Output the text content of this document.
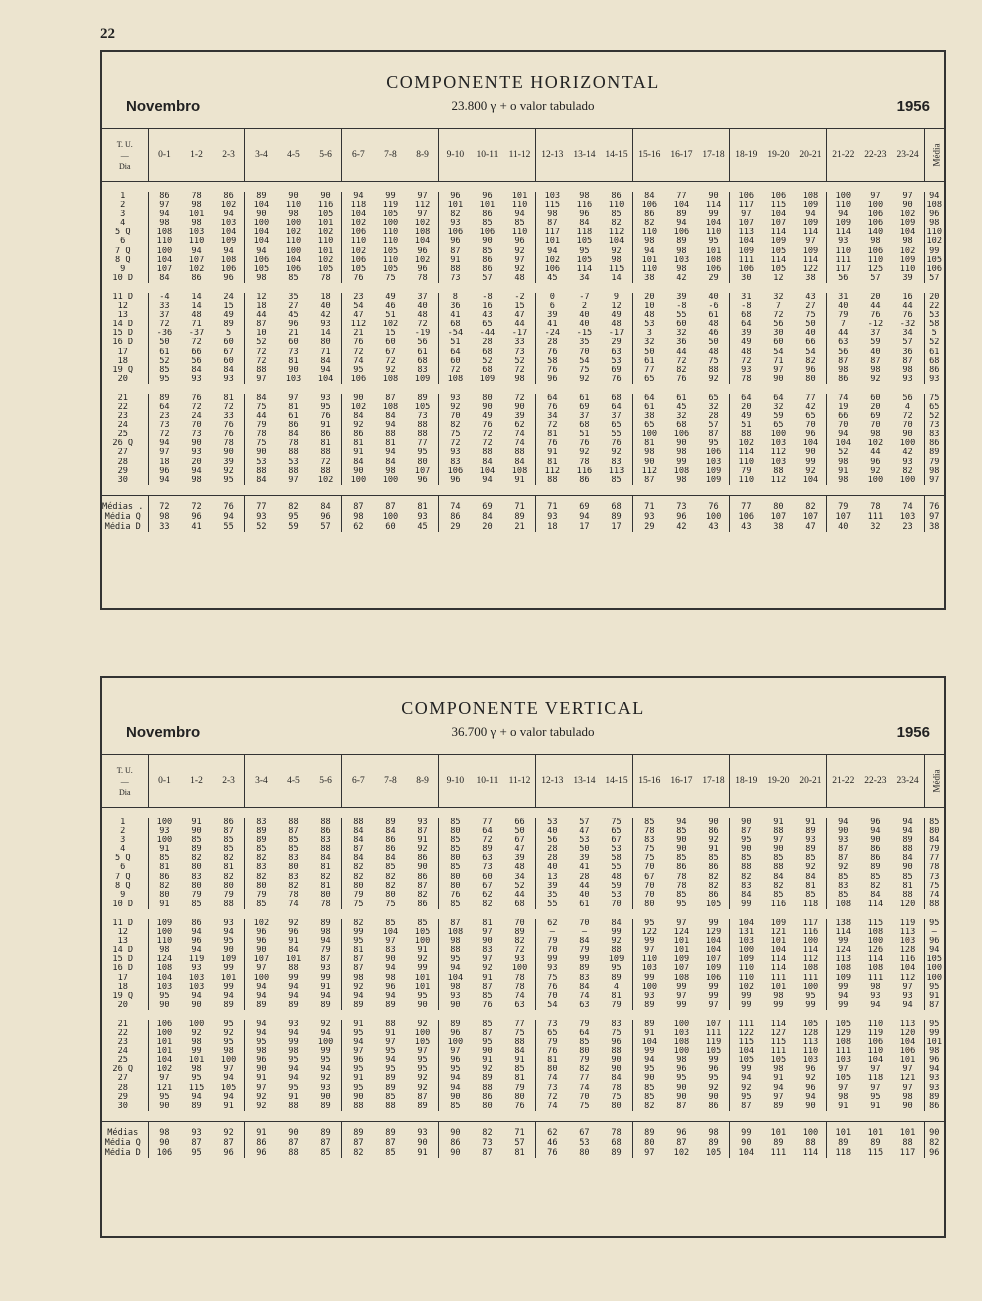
22
COMPONENTE HORIZONTAL
Novembro	23.800 γ + o valor tabulado	1956
T. U.
—
Dia	0-1	1-2	2-3	3-4	4-5	5-6	6-7	7-8	8-9	9-10	10-11	11-12	12-13	13-14	14-15	15-16	16-17	17-18	18-19	19-20	20-21	21-22	22-23	23-24	Média

1	86	78	86	89	90	90	94	99	97	96	96	101	103	98	86	84	77	90	106	106	108	100	97	97	94
2	97	98	102	104	110	116	118	119	112	101	101	110	115	116	110	106	104	114	117	115	109	110	100	90	108
3	94	101	94	90	98	105	104	105	97	82	86	94	98	96	85	86	89	99	97	104	94	94	106	102	96
4	98	98	103	100	100	101	102	100	102	93	85	85	87	84	82	82	94	104	107	107	109	109	106	109	98
5 Q	108	103	104	104	102	102	106	110	108	106	106	110	117	118	112	110	106	110	113	114	114	114	140	104	110
6	110	110	109	104	110	110	110	110	104	96	90	96	101	105	104	98	89	95	104	109	97	93	98	98	102
7 Q	100	94	94	94	100	101	102	105	96	87	85	92	94	95	92	94	98	101	109	105	109	110	106	102	99
8 Q	104	107	108	106	104	102	106	110	102	91	86	97	102	105	98	101	103	108	111	114	114	111	110	109	105
9	107	102	106	105	106	105	105	105	96	88	86	92	106	114	115	110	98	106	106	105	122	117	125	110	106
10 D	84	86	96	98	85	78	76	75	78	73	57	48	45	34	14	38	42	29	30	12	38	56	57	39	57

11 D	-4	14	24	12	35	18	23	49	37	8	-8	-2	0	-7	9	20	39	40	31	32	43	31	20	16	20
12	33	14	15	18	27	40	54	46	40	36	16	15	6	2	12	10	-8	-6	-8	7	27	40	44	44	22
13	37	48	49	44	45	42	47	51	48	41	43	47	39	40	49	48	55	61	68	72	75	79	76	76	53
14 D	72	71	89	87	96	93	112	102	72	68	65	44	41	40	48	53	60	48	64	56	50	7	-12	-32	58
15 D	-36	-37	5	10	21	14	21	15	-19	-54	-44	-17	-24	-15	-17	3	32	46	39	30	40	44	37	34	5
16 D	50	72	60	52	60	80	76	60	56	51	28	33	28	35	29	32	36	50	49	60	66	63	59	57	52
17	61	66	67	72	73	71	72	67	61	64	68	73	76	70	63	50	44	48	48	54	54	56	40	36	61
18	52	56	60	72	81	84	74	72	68	60	52	52	58	54	53	61	72	75	72	71	82	87	87	87	68
19 Q	85	84	84	88	90	94	95	92	83	72	68	72	76	75	69	77	82	88	93	97	96	98	98	98	86
20	95	93	93	97	103	104	106	108	109	108	109	98	96	92	76	65	76	92	78	90	80	86	92	93	93

21	89	76	81	84	97	93	90	87	89	93	80	72	64	61	68	64	61	65	64	64	77	74	60	56	75
22	64	72	72	75	81	95	102	108	105	92	90	90	76	69	64	61	45	32	20	32	42	19	20	4	65
23	23	24	33	44	61	76	84	84	73	70	49	39	34	37	37	38	32	28	49	59	65	66	69	72	52
24	73	70	76	79	86	91	92	94	88	82	76	62	72	68	65	65	68	57	51	65	70	70	70	70	73
25	72	73	76	78	84	86	86	88	88	75	72	74	81	51	55	100	106	87	88	100	96	94	98	90	83
26 Q	94	90	78	75	78	81	81	81	77	72	72	74	76	76	76	81	90	95	102	103	104	104	102	100	86
27	97	93	90	90	88	88	91	94	95	93	88	88	91	92	92	98	98	106	114	112	90	52	44	42	89
28	18	20	39	53	53	72	84	84	80	83	84	84	81	78	83	90	99	103	110	103	99	98	96	93	79
29	96	94	92	88	88	88	90	98	107	106	104	108	112	116	113	112	108	109	79	88	92	91	92	82	98
30	94	98	95	84	97	102	100	100	96	96	94	91	88	86	85	87	98	109	110	112	104	98	100	100	97

Médias .	72	72	76	77	82	84	87	87	81	74	69	71	71	69	68	71	73	76	77	80	82	79	78	74	76
Média Q	98	96	94	93	95	96	98	100	93	86	84	89	93	94	89	93	96	100	106	107	107	107	111	103	97
Média D	33	41	55	52	59	57	62	60	45	29	20	21	18	17	17	29	42	43	43	38	47	40	32	23	38
COMPONENTE VERTICAL
Novembro	36.700 γ + o valor tabulado	1956
T. U.
—
Dia	0-1	1-2	2-3	3-4	4-5	5-6	6-7	7-8	8-9	9-10	10-11	11-12	12-13	13-14	14-15	15-16	16-17	17-18	18-19	19-20	20-21	21-22	22-23	23-24	Média

1	100	91	86	83	88	88	88	89	93	85	77	66	53	57	75	85	94	90	90	91	91	94	96	94	85
2	93	90	87	89	87	86	84	84	87	80	64	50	40	47	65	78	85	86	87	88	89	90	94	94	80
3	100	85	85	89	85	83	84	86	91	85	72	67	56	53	67	83	90	92	95	97	93	93	90	89	84
4	91	89	85	85	85	88	87	86	92	85	89	47	28	50	53	75	90	91	90	90	89	87	86	88	79
5 Q	85	82	82	82	83	84	84	84	86	80	63	39	28	39	58	75	85	85	85	85	85	87	86	84	77
6	81	80	81	83	80	81	82	85	90	85	73	48	40	41	55	70	86	86	88	88	92	92	89	90	78
7 Q	86	83	82	82	83	82	82	82	86	80	60	34	13	28	48	67	78	82	82	84	84	85	85	85	73
8 Q	82	80	80	80	82	81	80	82	87	80	67	52	39	44	59	70	78	82	83	82	81	83	82	81	75
9	80	79	79	79	78	80	79	80	82	76	62	44	35	40	53	70	85	86	84	85	85	85	84	88	74
10 D	91	85	88	85	74	78	75	75	86	85	82	68	55	61	70	80	95	105	99	116	118	108	114	120	88

11 D	109	86	93	102	92	89	82	85	85	87	81	70	62	70	84	95	97	99	104	109	117	138	115	119	95
12	100	94	94	96	96	98	99	104	105	108	97	89	—	—	99	122	124	129	131	121	116	114	108	113	—
13	110	96	95	96	91	94	95	97	100	98	90	82	79	84	92	99	101	104	103	101	100	99	100	103	96
14 D	98	94	90	90	84	79	81	83	91	88	83	72	70	79	88	97	101	104	100	104	114	124	126	128	94
15 D	124	119	109	107	101	87	87	90	92	95	97	93	99	99	109	110	109	107	109	114	112	113	114	116	105
16 D	108	93	99	97	88	93	87	94	99	94	92	100	93	89	95	103	107	109	110	114	108	108	108	104	100
17	104	103	101	100	99	99	98	98	101	104	91	78	75	83	89	99	108	106	110	111	111	109	111	112	100
18	103	103	99	94	94	91	92	96	101	98	87	78	76	84	4	100	99	99	102	101	100	99	98	97	95
19 Q	95	94	94	94	94	94	94	94	95	93	85	74	70	74	81	93	97	99	99	98	95	94	93	93	91
20	90	90	89	89	89	89	89	89	90	90	76	63	54	63	79	89	99	97	99	99	99	99	94	94	87

21	106	100	95	94	93	92	91	88	92	89	85	77	73	79	83	89	100	107	111	114	105	105	110	113	95
22	100	92	92	94	94	94	95	91	100	96	87	75	65	64	75	91	103	111	122	127	128	129	119	120	99
23	101	98	95	95	99	100	94	97	105	100	95	88	79	85	96	104	108	119	115	115	113	108	106	104	101
24	101	99	98	98	98	99	97	95	97	97	90	84	76	80	88	99	100	105	104	111	110	111	110	106	98
25	104	101	100	96	95	95	96	94	95	96	91	91	81	79	90	94	98	99	105	105	103	103	104	101	96
26 Q	102	98	97	90	94	94	95	95	95	95	92	85	80	82	90	95	96	96	99	98	96	97	97	97	94
27	97	95	94	91	94	92	91	89	92	94	89	81	74	77	84	90	95	95	94	91	92	105	118	121	93
28	121	115	105	97	95	93	95	89	92	94	88	79	73	74	78	85	90	92	92	94	96	97	97	97	93
29	95	94	94	92	91	90	90	85	87	90	86	80	72	70	75	85	90	90	95	97	94	98	95	98	89
30	90	89	91	92	88	89	88	88	89	85	80	76	74	75	80	82	87	86	87	89	90	91	91	90	86

Médias	98	93	92	91	90	89	89	89	93	90	82	71	62	67	78	89	96	98	99	101	100	101	101	101	90
Média Q	90	87	87	86	87	87	87	87	90	86	73	57	46	53	68	80	87	89	90	89	88	89	89	88	82
Média D	106	95	96	96	88	85	82	85	91	90	87	81	76	80	89	97	102	105	104	111	114	118	115	117	96
